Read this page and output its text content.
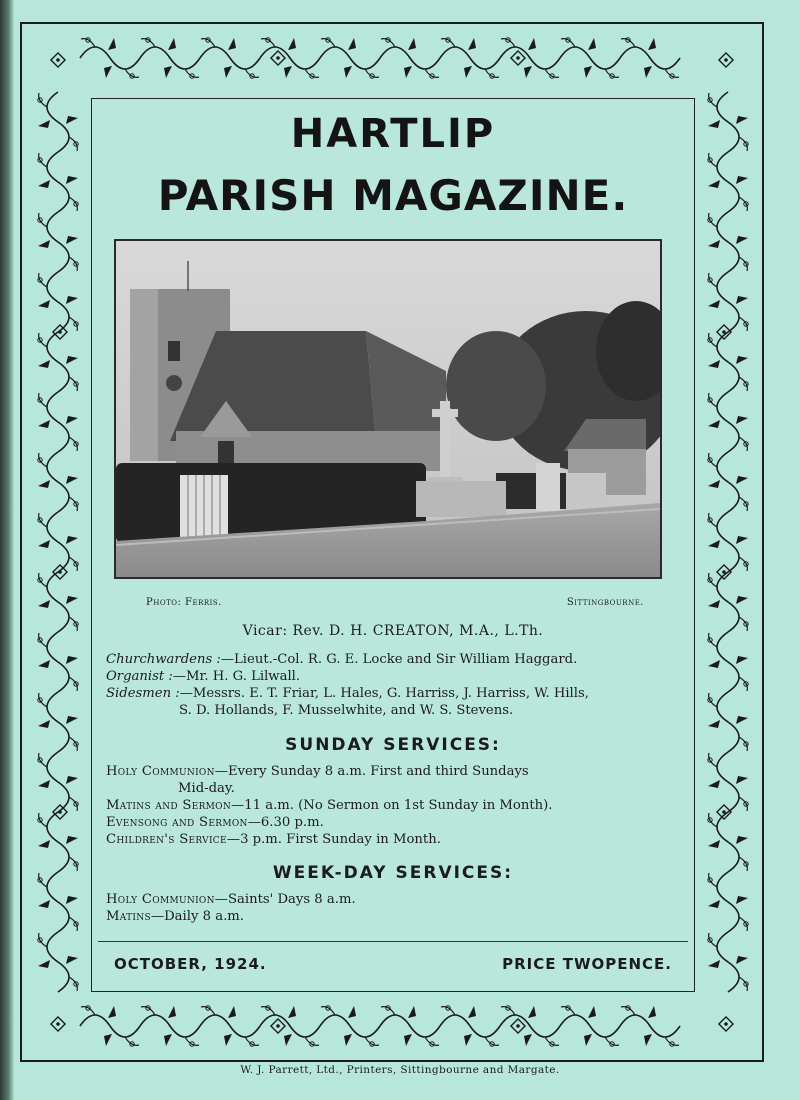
HARTLIP
PARISH MAGAZINE.
Photo: Ferris.	Sittingbourne.
Vicar: Rev. D. H. CREATON, M.A., L.Th.
Churchwardens :—Lieut.-Col. R. G. E. Locke and Sir William Haggard.
Organist :—Mr. H. G. Lilwall.
Sidesmen :—Messrs. E. T. Friar, L. Hales, G. Harriss, J. Harriss, W. Hills,
S. D. Hollands, F. Musselwhite, and W. S. Stevens.
SUNDAY SERVICES:
Holy Communion—Every Sunday 8 a.m. First and third Sundays
Mid-day.
Matins and Sermon—11 a.m. (No Sermon on 1st Sunday in Month).
Evensong and Sermon—6.30 p.m.
Children's Service—3 p.m. First Sunday in Month.
WEEK-DAY SERVICES:
Holy Communion—Saints' Days 8 a.m.
Matins—Daily 8 a.m.
OCTOBER, 1924.	PRICE TWOPENCE.
W. J. Parrett, Ltd., Printers, Sittingbourne and Margate.
